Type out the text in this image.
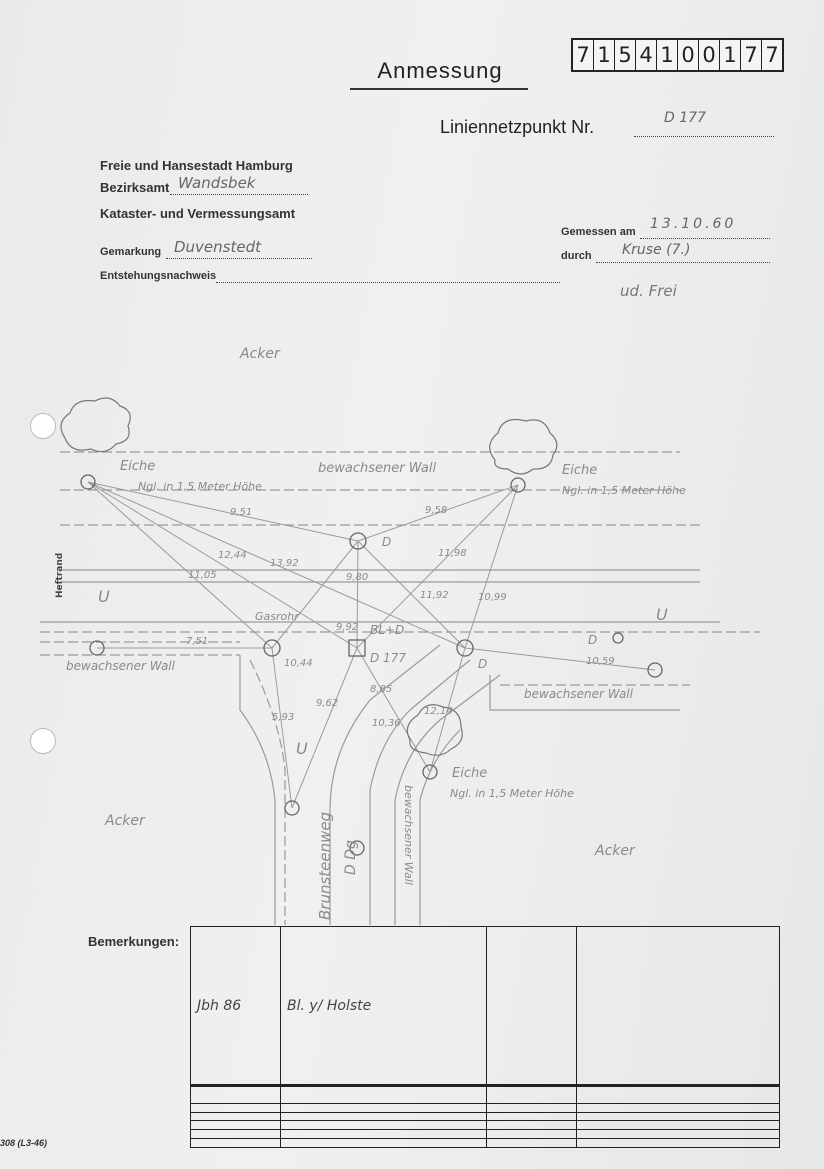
7 1 5 4 1 0 0 1 7 7
Anmessung
Liniennetzpunkt Nr.	D 177
Freie und Hansestadt Hamburg
Bezirksamt Wandsbek
Kataster- und Vermessungsamt
Gemarkung Duvenstedt
Entstehungsnachweis
Gemessen am 13.10.60
durch Kruse (7.)
ud. Frei
Acker
Acker
Acker
Eiche	Eiche
Eiche
Ngl. in 1,5 Meter Höhe	Ngl. in 1,5 Meter Höhe
Ngl. in 1,5 Meter Höhe
bewachsener Wall
bewachsener Wall
bewachsener Wall
bewachsener Wall
D
D
BL+D
D 177
Gasrohr
U
U
U
D
Brunsteenweg D Dg
Heftrand
9,51	9,58
12,44
13,92
11,05
11,98
11,92	10,99
7,51
10,44
9,92
9,80
10,59
5,93
9,62
10,36
8,85
12,14
Bemerkungen:
Jbh 86	Bl. y/ Holste		

308 (L3-46)
